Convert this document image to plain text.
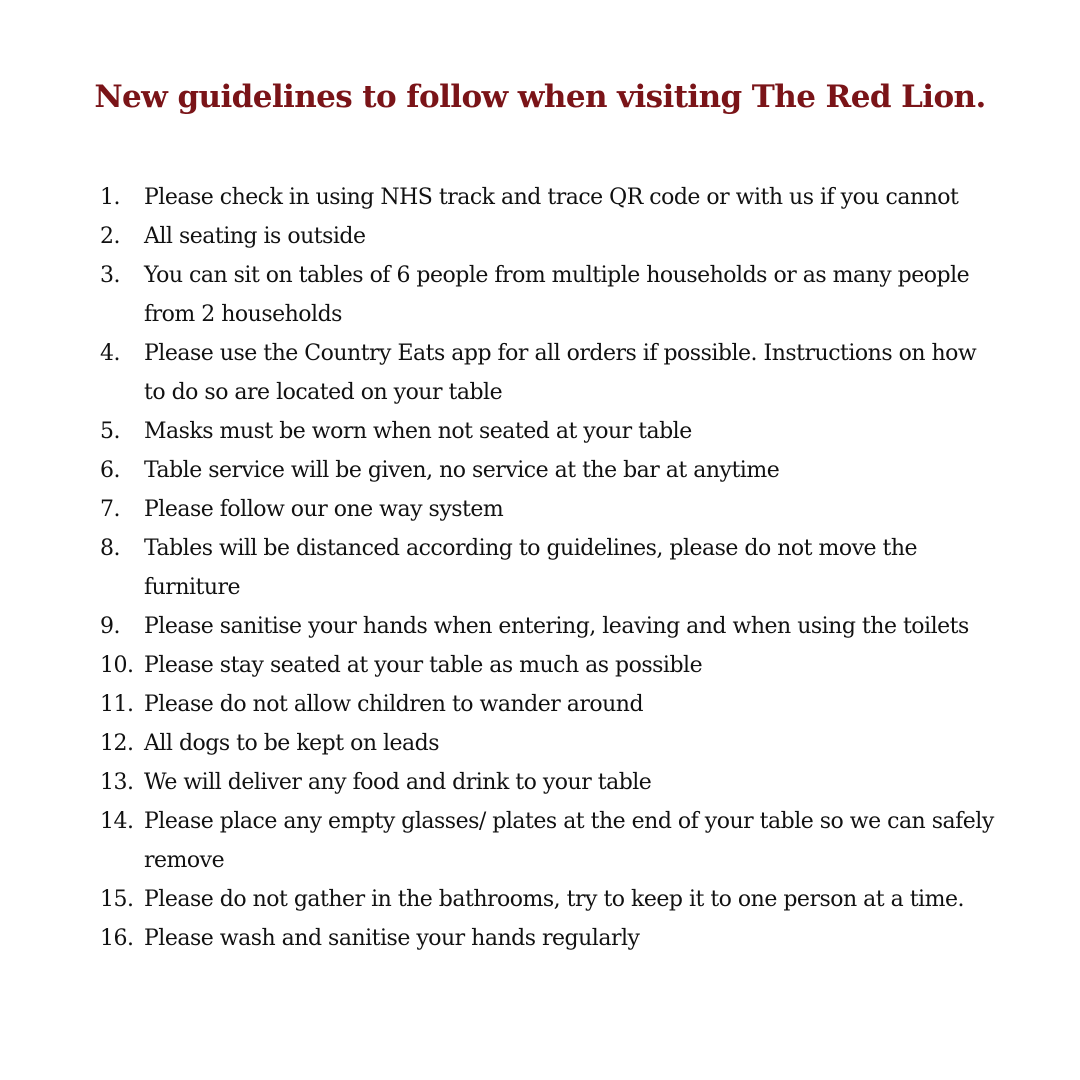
New guidelines to follow when visiting The Red Lion.
1.	Please check in using NHS track and trace QR code or with us if you cannot
2.	All seating is outside
3.	You can sit on tables of 6 people from multiple households or as many people from 2 households
4.	Please use the Country Eats app for all orders if possible. Instructions on how to do so are located on your table
5.	Masks must be worn when not seated at your table
6.	Table service will be given, no service at the bar at anytime
7.	Please follow our one way system
8.	Tables will be distanced according to guidelines, please do not move the furniture
9.	Please sanitise your hands when entering, leaving and when using the toilets
10. Please stay seated at your table as much as possible
11. Please do not allow children to wander around
12. All dogs to be kept on leads
13. We will deliver any food and drink to your table
14. Please place any empty glasses/ plates at the end of your table so we can safely remove
15. Please do not gather in the bathrooms, try to keep it to one person at a time.
16. Please wash and sanitise your hands regularly
